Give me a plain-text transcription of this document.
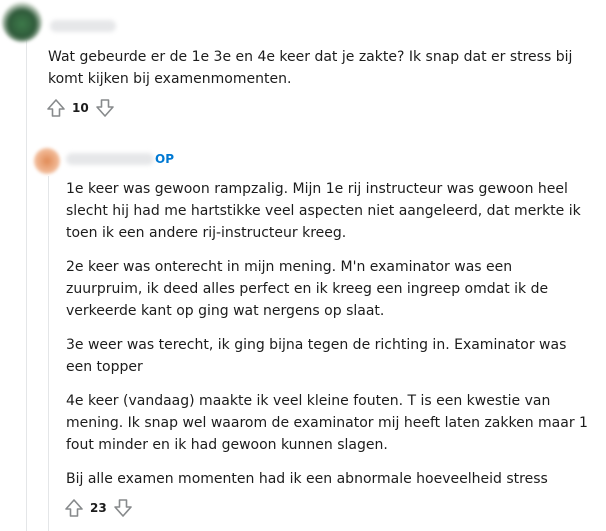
Wat gebeurde er de 1e 3e en 4e keer dat je zakte? Ik snap dat er stress bij komt kijken bij examenmomenten.

10
OP

1e keer was gewoon rampzalig. Mijn 1e rij instructeur was gewoon heel slecht hij had me hartstikke veel aspecten niet aangeleerd, dat merkte ik toen ik een andere rij-instructeur kreeg.

2e keer was onterecht in mijn mening. M'n examinator was een zuurpruim, ik deed alles perfect en ik kreeg een ingreep omdat ik de verkeerde kant op ging wat nergens op slaat.

3e weer was terecht, ik ging bijna tegen de richting in. Examinator was een topper

4e keer (vandaag) maakte ik veel kleine fouten. T is een kwestie van mening. Ik snap wel waarom de examinator mij heeft laten zakken maar 1 fout minder en ik had gewoon kunnen slagen.

Bij alle examen momenten had ik een abnormale hoeveelheid stress

23
